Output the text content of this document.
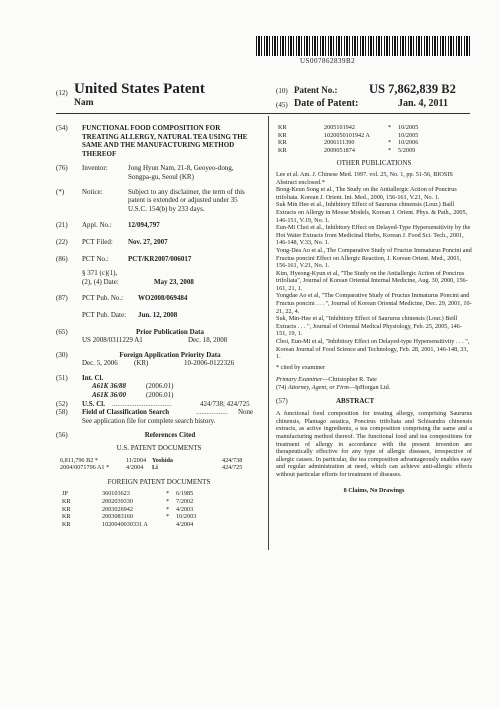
US007862839B2
(12) United States Patent
Nam
(10) Patent No.:	US 7,862,839 B2
(45) Date of Patent:	Jan. 4, 2011
(54)	FUNCTIONAL FOOD COMPOSITION FOR TREATING ALLERGY, NATURAL TEA USING THE SAME AND THE MANUFACTURING METHOD THEREOF
(76)	Inventor:	Jong Hyun Nam, 21-8, Geoyeo-dong, Songpa-gu, Seoul (KR)
(*)	Notice:	Subject to any disclaimer, the term of this patent is extended or adjusted under 35 U.S.C. 154(b) by 233 days.
(21)	Appl. No.:	12/094,797
(22)	PCT Filed:	Nov. 27, 2007
(86)	PCT No.:	PCT/KR2007/006017
§ 371 (c)(1),
(2), (4) Date:	May 23, 2008
(87)	PCT Pub. No.:	WO2008/069484
PCT Pub. Date:	Jun. 12, 2008
(65)	Prior Publication Data
US 2008/0311229 A1	Dec. 18, 2008
(30)	Foreign Application Priority Data
Dec. 5, 2006	(KR)	10-2006-0122326
(51)	Int. Cl.
A61K 36/88	(2006.01)
A61K 36/00	(2006.01)
(52)	U.S. Cl.	..................................	424/738; 424/725
(58)	Field of Classification Search	..................	None
See application file for complete search history.
(56)	References Cited
U.S. PATENT DOCUMENTS
6,811,796 B2 *	11/2004	Yoshida	424/738
2004/0071796 A1 *	4/2004	Li	424/725
FOREIGN PATENT DOCUMENTS
JP	360103623	*	6/1985
KR	2002039330	*	7/2002
KR	2003026942	*	4/2003
KR	2003083160	*	10/2003
KR	1020040030331 A		4/2004
KR	2005101942	*	10/2005
KR	1020050101942 A		10/2005
KR	2006111390	*	10/2006
KR	2009051874	*	5/2009
OTHER PUBLICATIONS
Lee et al. Am. J. Chinese Med. 1997. vol. 25, No. 1, pp. 51-56, BIOSIS Abstract enclosed.*
Bong-Keun Song et al., The Study on the Antiallergic Action of Poncirus trifoliata. Korean J. Orient. Int. Med., 2000, 156-161, V.21, No. 1.
Suk Min Hee et al., Inhibitory Effect of Saururus chinensis (Lour.) Baill Extracts on Allergy in Mouse Models, Korean J. Orient. Phys. & Path., 2005, 146-151, V.19, No. 1.
Eun-Mi Choi et al., Inhibitory Effect on Delayed-Type Hypersensitivity by the Hot Water Extracts from Medicinal Herbs, Korean J. Food Sci. Tech., 2001, 146-148, V.33, No. 1.
Yong-Dea Ao et al., The Comparative Study of Fructus Immaturus Poncini and Fructus poncini Effect on Allergic Reaction, J. Korean Orient. Med., 2001, 156-161, V.21, No. 1.
Kim, Hyeong-Kyun et al, "The Study on the Antiallergic Action of Poncirus trifoliata", Journal of Korean Oriental Internal Medicine, Aug. 30, 2000, 156-161, 21, 1.
Yongdae Ao et al, "The Comparative Study of Fructus Immaturus Poncini and Fructus poncini . . . ", Journal of Korean Oriental Medicine, Dec. 29, 2001, 10-21, 22, 4.
Suk, Min-Hee et al, "Inhibitory Effect of Saururus chinensis (Lour.) Beill Extracts . . . ", Journal of Oriental Medical Physiology, Feb. 25, 2005, 146-151, 19, 1.
Choi, Eun-Mi et al, "Inhibitory Effect on Delayed-type Hypersensitivity . . . ", Korean Journal of Food Science and Technology, Feb. 28, 2001, 146-148, 33, 1.
* cited by examiner
Primary Examiner—Christopher R. Tate
(74) Attorney, Agent, or Firm—IpHorgan Ltd.
(57)	ABSTRACT
A functional food composition for treating allergy, comprising Saururus chinensis, Plantago asiatica, Poncirus trifoliata and Schisandra chinensis extracts, as active ingredients, a tea composition comprising the same and a manufacturing method thereof. The functional food and tea compositions for treatment of allergy in accordance with the present invention are therapeutically effective for any type of allergic diseases, irrespective of allergic causes. In particular, the tea composition advantageously enables easy and regular administration at need, which can achieve anti-allergic effects without particular efforts for treatment of diseases.
8 Claims, No Drawings
